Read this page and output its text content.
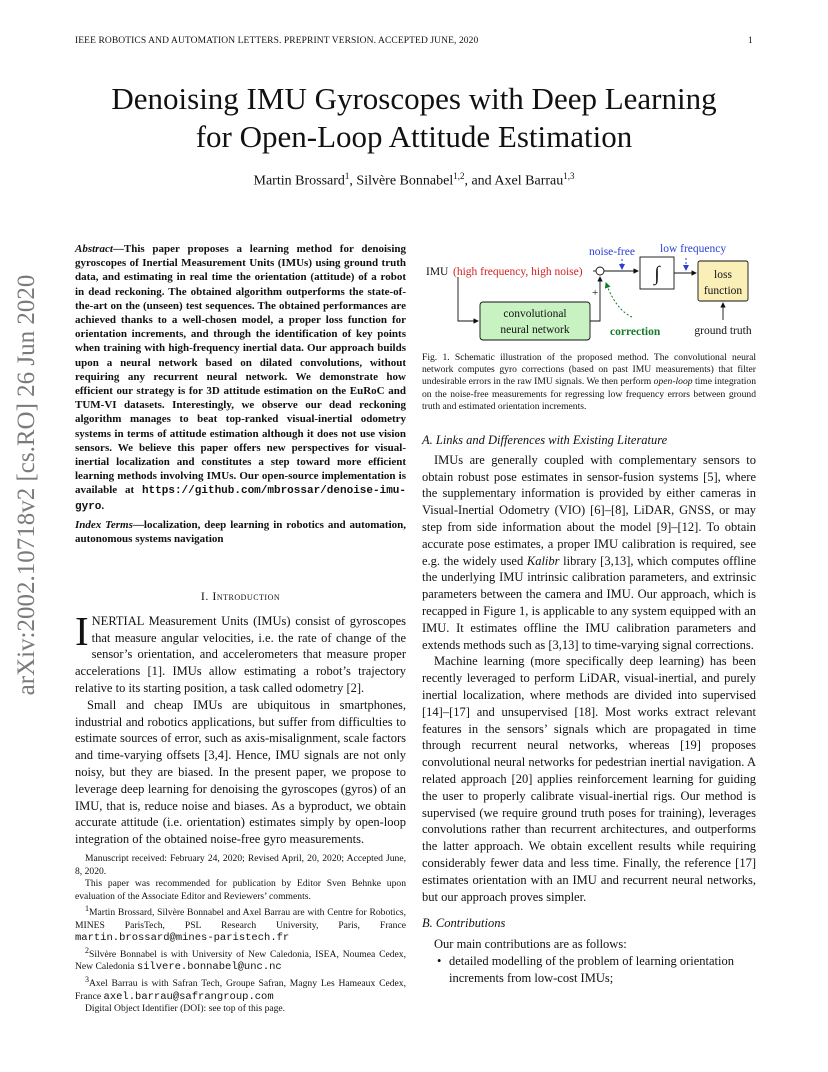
IEEE ROBOTICS AND AUTOMATION LETTERS. PREPRINT VERSION. ACCEPTED JUNE, 2020	1
arXiv:2002.10718v2 [cs.RO] 26 Jun 2020
Denoising IMU Gyroscopes with Deep Learning
for Open-Loop Attitude Estimation
Martin Brossard$^1$, Silvère Bonnabel$^{1,2}$, and Axel Barrau$^{1,3}$
Abstract—This paper proposes a learning method for denoising gyroscopes of Inertial Measurement Units (IMUs) using ground truth data, and estimating in real time the orientation (attitude) of a robot in dead reckoning. The obtained algorithm outperforms the state-of-the-art on the (unseen) test sequences. The obtained performances are achieved thanks to a well-chosen model, a proper loss function for orientation increments, and through the identification of key points when training with high-frequency inertial data. Our approach builds upon a neural network based on dilated convolutions, without requiring any recurrent neural network. We demonstrate how efficient our strategy is for 3D attitude estimation on the EuRoC and TUM-VI datasets. Interestingly, we observe our dead reckoning algorithm manages to beat top-ranked visual-inertial odometry systems in terms of attitude estimation although it does not use vision sensors. We believe this paper offers new perspectives for visual-inertial localization and constitutes a step toward more efficient learning methods involving IMUs. Our open-source implementation is available at https://github.com/mbrossar/denoise-imu-gyro.
Index Terms—localization, deep learning in robotics and automation, autonomous systems navigation
I. Introduction

INERTIAL Measurement Units (IMUs) consist of gyroscopes that measure angular velocities, i.e. the rate of change of the sensor’s orientation, and accelerometers that measure proper accelerations [1]. IMUs allow estimating a robot’s trajectory relative to its starting position, a task called odometry [2].

Small and cheap IMUs are ubiquitous in smartphones, industrial and robotics applications, but suffer from difficulties to estimate sources of error, such as axis-misalignment, scale factors and time-varying offsets [3,4]. Hence, IMU signals are not only noisy, but they are biased. In the present paper, we propose to leverage deep learning for denoising the gyroscopes (gyros) of an IMU, that is, reduce noise and biases. As a byproduct, we obtain accurate attitude (i.e. orientation) estimates simply by open-loop integration of the obtained noise-free gyro measurements.

Manuscript received: February 24, 2020; Revised April, 20, 2020; Accepted June, 8, 2020.

This paper was recommended for publication by Editor Sven Behnke upon evaluation of the Associate Editor and Reviewers’ comments.

$^1$Martin Brossard, Silvère Bonnabel and Axel Barrau are with Centre for Robotics, MINES ParisTech, PSL Research University, Paris, France martin.brossard@mines-paristech.fr

$^2$Silvère Bonnabel is with University of New Caledonia, ISEA, Noumea Cedex, New Caledonia silvere.bonnabel@unc.nc

$^3$Axel Barrau is with Safran Tech, Groupe Safran, Magny Les Hameaux Cedex, France axel.barrau@safrangroup.com

Digital Object Identifier (DOI): see top of this page.

IMU (high frequency, high noise)
noise-free low frequency
∫	loss
function
ground truth
convolutional
neural network
+
correction
Fig. 1. Schematic illustration of the proposed method. The convolutional neural network computes gyro corrections (based on past IMU measurements) that filter undesirable errors in the raw IMU signals. We then perform open-loop time integration on the noise-free measurements for regressing low frequency errors between ground truth and estimated orientation increments.
A. Links and Differences with Existing Literature

IMUs are generally coupled with complementary sensors to obtain robust pose estimates in sensor-fusion systems [5], where the supplementary information is provided by either cameras in Visual-Inertial Odometry (VIO) [6]–[8], LiDAR, GNSS, or may step from side information about the model [9]–[12]. To obtain accurate pose estimates, a proper IMU calibration is required, see e.g. the widely used Kalibr library [3,13], which computes offline the underlying IMU intrinsic calibration parameters, and extrinsic parameters between the camera and IMU. Our approach, which is recapped in Figure 1, is applicable to any system equipped with an IMU. It estimates offline the IMU calibration parameters and extends methods such as [3,13] to time-varying signal corrections.

Machine learning (more specifically deep learning) has been recently leveraged to perform LiDAR, visual-inertial, and purely inertial localization, where methods are divided into supervised [14]–[17] and unsupervised [18]. Most works extract relevant features in the sensors’ signals which are propagated in time through recurrent neural networks, whereas [19] proposes convolutional neural networks for pedestrian inertial navigation. A related approach [20] applies reinforcement learning for guiding the user to properly calibrate visual-inertial rigs. Our method is supervised (we require ground truth poses for training), leverages convolutions rather than recurrent architectures, and outperforms the latter approach. We obtain excellent results while requiring considerably fewer data and less time. Finally, the reference [17] estimates orientation with an IMU and recurrent neural networks, but our approach proves simpler.

B. Contributions

Our main contributions are as follows:

• detailed modelling of the problem of learning orientation increments from low-cost IMUs;
